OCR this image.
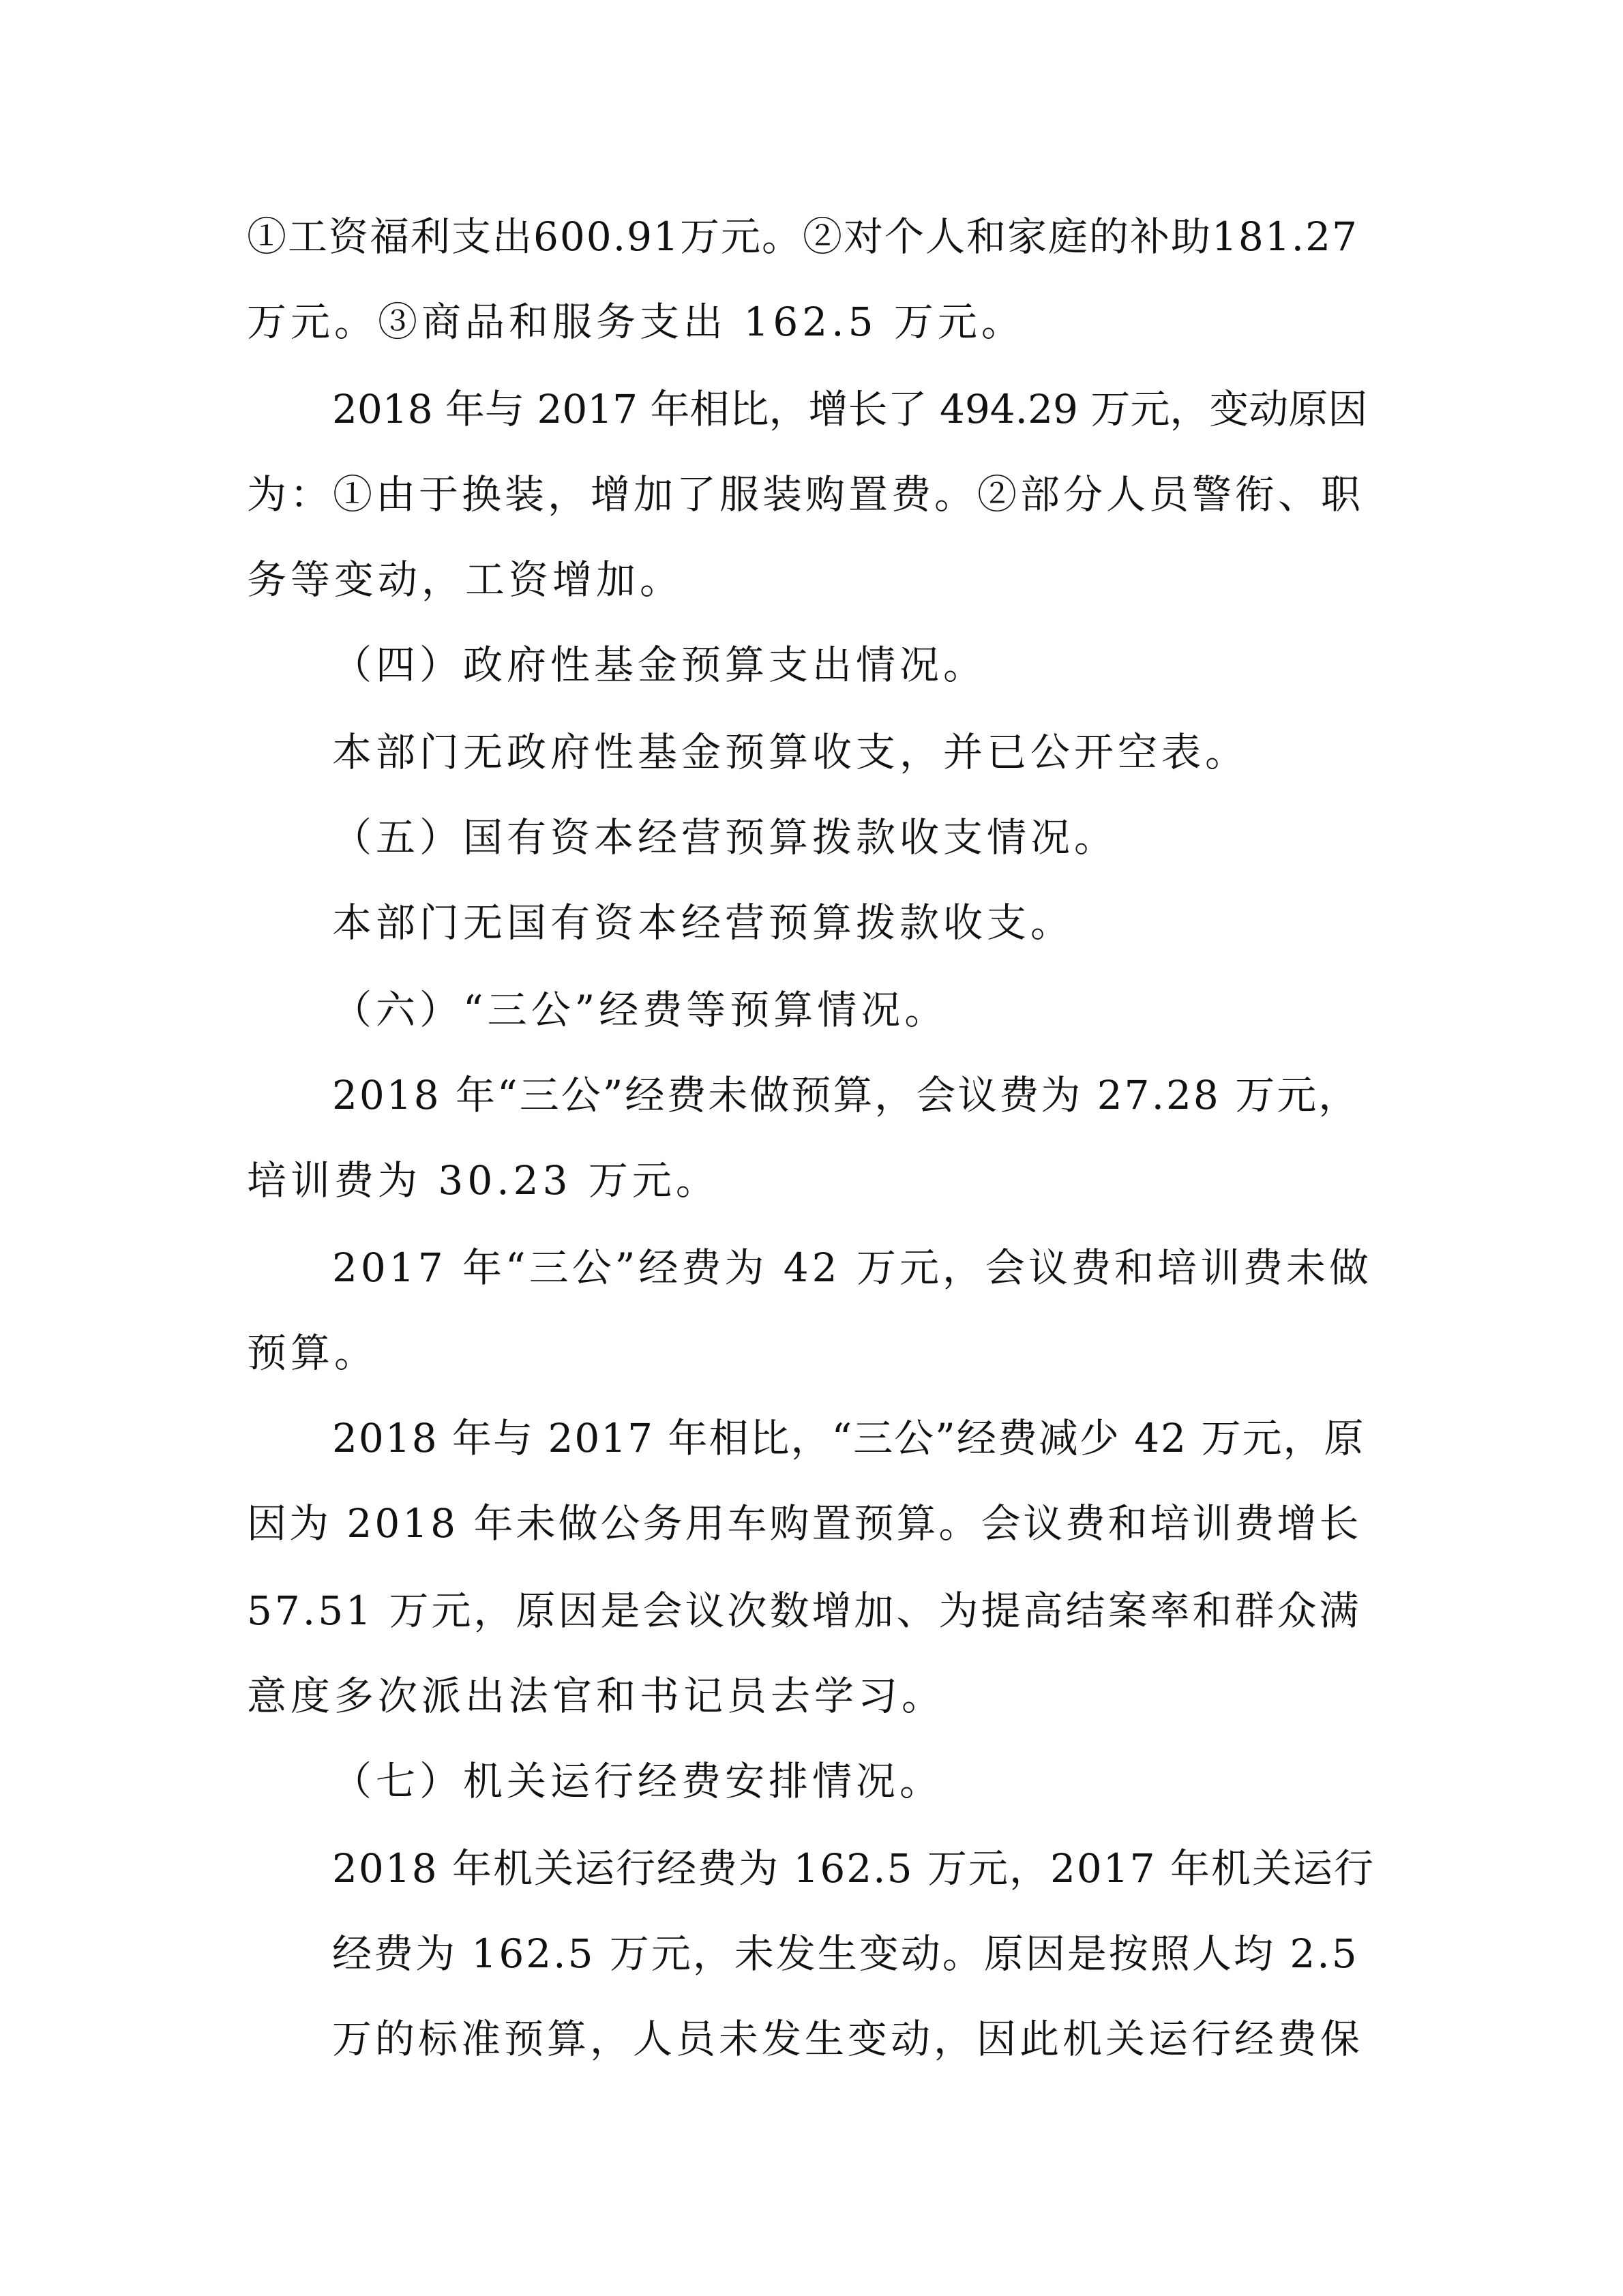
①工资福利支出600.91万元。②对个人和家庭的补助181.27
万元。③商品和服务支出 162.5 万元。
2018 年与 2017 年相比，增长了 494.29 万元，变动原因
为：①由于换装，增加了服装购置费。②部分人员警衔、职
务等变动，工资增加。
（四）政府性基金预算支出情况。
本部门无政府性基金预算收支，并已公开空表。
（五）国有资本经营预算拨款收支情况。
本部门无国有资本经营预算拨款收支。
（六）“三公”经费等预算情况。
2018 年“三公”经费未做预算，会议费为 27.28 万元，
培训费为 30.23 万元。
2017 年“三公”经费为 42 万元，会议费和培训费未做
预算。
2018 年与 2017 年相比，“三公”经费减少 42 万元，原
因为 2018 年未做公务用车购置预算。会议费和培训费增长
57.51 万元，原因是会议次数增加、为提高结案率和群众满
意度多次派出法官和书记员去学习。
（七）机关运行经费安排情况。
2018 年机关运行经费为 162.5 万元，2017 年机关运行
经费为 162.5 万元，未发生变动。原因是按照人均 2.5
万的标准预算，人员未发生变动，因此机关运行经费保
